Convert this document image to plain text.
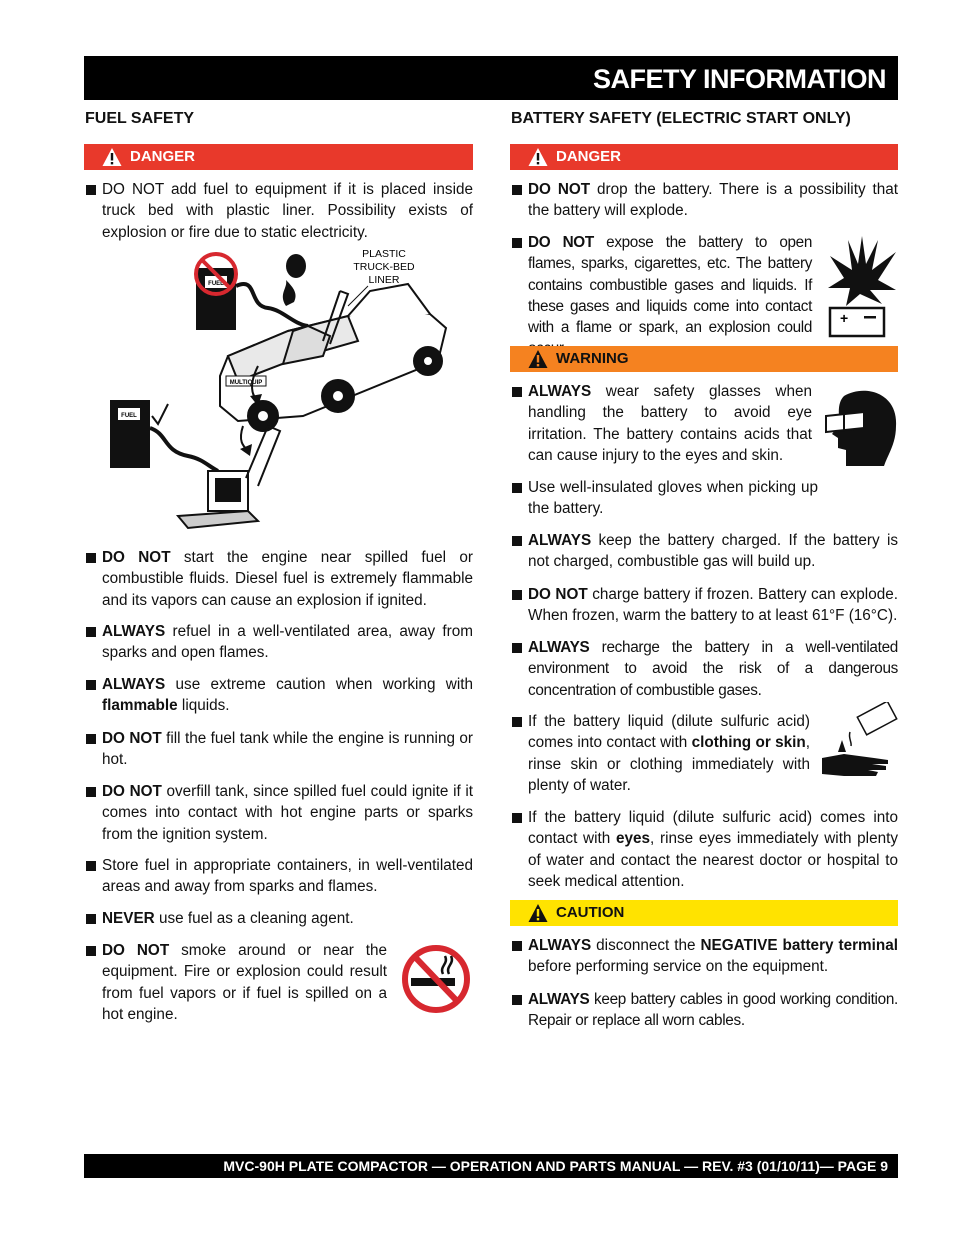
SAFETY INFORMATION
FUEL SAFETY
DANGER
DO NOT add fuel to equipment if it is placed inside truck bed with plastic liner. Possibility exists of explosion or fire due to static electricity.
FUEL
PLASTIC
TRUCK-BED
LINER
MULTIQUIP
FUEL
DO NOT start the engine near spilled fuel or combustible fluids. Diesel fuel is extremely flammable and its vapors can cause an explosion if ignited.
ALWAYS refuel in a well-ventilated area, away from sparks and open flames.
ALWAYS use extreme caution when working with flammable liquids.
DO NOT fill the fuel tank while the engine is running or hot.
DO NOT overfill tank, since spilled fuel could ignite if it comes into contact with hot engine parts or sparks from the ignition system.
Store fuel in appropriate containers, in well-ventilated areas and away from sparks and flames.
NEVER use fuel as a cleaning agent.
DO NOT smoke around or near the equipment. Fire or explosion could result from fuel vapors or if fuel is spilled on a hot engine.
BATTERY SAFETY (ELECTRIC START ONLY)
DANGER
DO NOT drop the battery. There is a possibility that the battery will explode.
DO NOT expose the battery to open flames, sparks, cigarettes, etc. The battery contains combustible gases and liquids. If these gases and liquids come into contact with a flame or spark, an explosion could
+
WARNING
ALWAYS wear safety glasses when handling the battery to avoid eye irritation. The battery contains acids that can cause injury to the eyes and skin.
Use well-insulated gloves when picking up the battery.
ALWAYS keep the battery charged. If the battery is not charged, combustible gas will build up.
DO NOT charge battery if frozen. Battery can explode. When frozen, warm the battery to at least 61°F (16°C).
ALWAYS recharge the battery in a well-ventilated environment to avoid the risk of a dangerous concentration of combustible gases.
If the battery liquid (dilute sulfuric acid) comes into contact with clothing or skin, rinse skin or clothing immediately with plenty of water.
If the battery liquid (dilute sulfuric acid) comes into contact with eyes, rinse eyes immediately with plenty of water and contact the nearest doctor or hospital to seek medical attention.
CAUTION
ALWAYS disconnect the NEGATIVE battery terminal before performing service on the equipment.
ALWAYS keep battery cables in good working condition. Repair or replace all worn cables.
MVC-90H PLATE COMPACTOR — OPERATION AND PARTS MANUAL — REV. #3 (01/10/11)— PAGE 9
